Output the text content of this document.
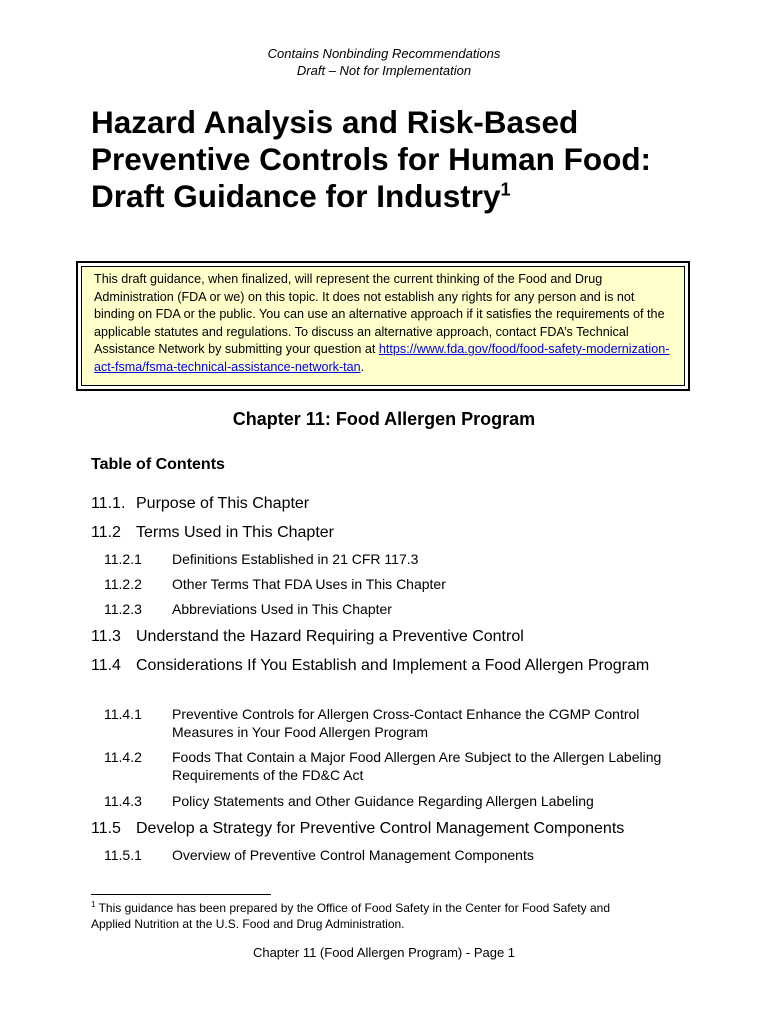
Contains Nonbinding Recommendations
Draft – Not for Implementation
Hazard Analysis and Risk-Based Preventive Controls for Human Food: Draft Guidance for Industry$^1$
This draft guidance, when finalized, will represent the current thinking of the Food and Drug Administration (FDA or we) on this topic. It does not establish any rights for any person and is not binding on FDA or the public. You can use an alternative approach if it satisfies the requirements of the applicable statutes and regulations. To discuss an alternative approach, contact FDA’s Technical Assistance Network by submitting your question at https://www.fda.gov/food/food-safety-modernization-act-fsma/fsma-technical-assistance-network-tan.
Chapter 11: Food Allergen Program
Table of Contents
11.1. Purpose of This Chapter
11.2 Terms Used in This Chapter
11.2.1	Definitions Established in 21 CFR 117.3
11.2.2	Other Terms That FDA Uses in This Chapter
11.2.3	Abbreviations Used in This Chapter
11.3 Understand the Hazard Requiring a Preventive Control
11.4 Considerations If You Establish and Implement a Food Allergen Program
11.4.1	Preventive Controls for Allergen Cross-Contact Enhance the CGMP Control Measures in Your Food Allergen Program
11.4.2	Foods That Contain a Major Food Allergen Are Subject to the Allergen Labeling Requirements of the FD&C Act
11.4.3	Policy Statements and Other Guidance Regarding Allergen Labeling
11.5 Develop a Strategy for Preventive Control Management Components
11.5.1	Overview of Preventive Control Management Components
$^1$ This guidance has been prepared by the Office of Food Safety in the Center for Food Safety and Applied Nutrition at the U.S. Food and Drug Administration.
Chapter 11 (Food Allergen Program) - Page 1
